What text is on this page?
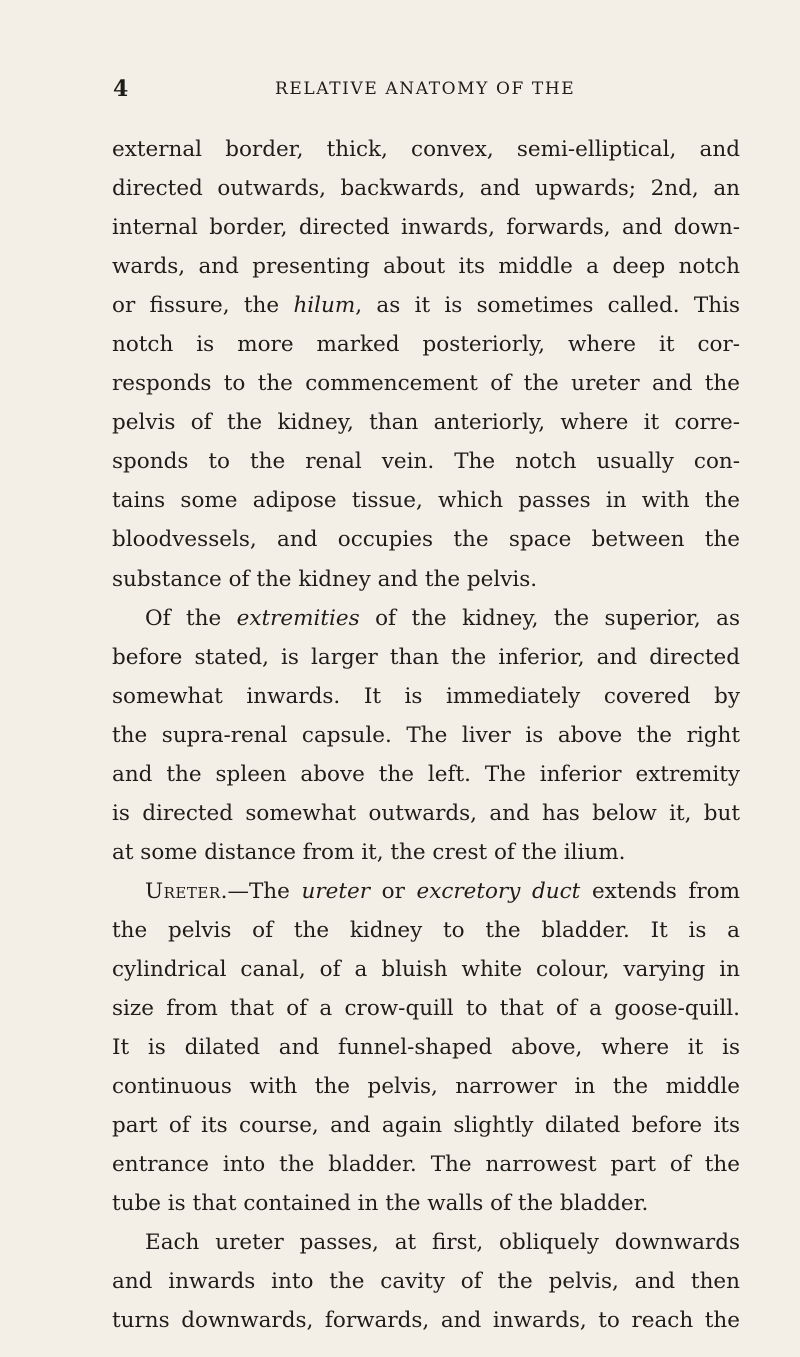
4	RELATIVE ANATOMY OF THE
external border, thick, convex, semi-elliptical, and
directed outwards, backwards, and upwards; 2nd, an
internal border, directed inwards, forwards, and down-
wards, and presenting about its middle a deep notch
or fissure, the hilum, as it is sometimes called. This
notch is more marked posteriorly, where it cor-
responds to the commencement of the ureter and the
pelvis of the kidney, than anteriorly, where it corre-
sponds to the renal vein. The notch usually con-
tains some adipose tissue, which passes in with the
bloodvessels, and occupies the space between the
substance of the kidney and the pelvis.
Of the extremities of the kidney, the superior, as
before stated, is larger than the inferior, and directed
somewhat inwards. It is immediately covered by
the supra-renal capsule. The liver is above the right
and the spleen above the left. The inferior extremity
is directed somewhat outwards, and has below it, but
at some distance from it, the crest of the ilium.
Ureter.—The ureter or excretory duct extends from
the pelvis of the kidney to the bladder. It is a
cylindrical canal, of a bluish white colour, varying in
size from that of a crow-quill to that of a goose-quill.
It is dilated and funnel-shaped above, where it is
continuous with the pelvis, narrower in the middle
part of its course, and again slightly dilated before its
entrance into the bladder. The narrowest part of the
tube is that contained in the walls of the bladder.
Each ureter passes, at first, obliquely downwards
and inwards into the cavity of the pelvis, and then
turns downwards, forwards, and inwards, to reach the
